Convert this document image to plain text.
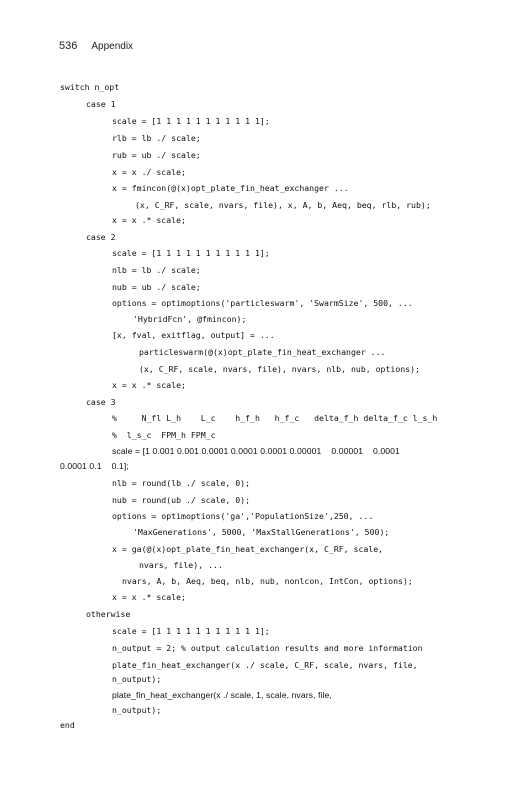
536 Appendix
switch n_opt
case 1
scale = [1 1 1 1 1 1 1 1 1 1 1];
rlb = lb ./ scale;
rub = ub ./ scale;
x = x ./ scale;
x = fmincon(@(x)opt_plate_fin_heat_exchanger ...
(x, C_RF, scale, nvars, file), x, A, b, Aeq, beq, rlb, rub);
x = x .* scale;
case 2
scale = [1 1 1 1 1 1 1 1 1 1 1];
nlb = lb ./ scale;
nub = ub ./ scale;
options = optimoptions('particleswarm', 'SwarmSize', 500, ...
'HybridFcn', @fmincon);
[x, fval, exitflag, output] = ...
particleswarm(@(x)opt_plate_fin_heat_exchanger ...
(x, C_RF, scale, nvars, file), nvars, nlb, nub, options);
x = x .* scale;
case 3
%     N_fl L_h    L_c    h_f_h   h_f_c   delta_f_h delta_f_c l_s_h
%  l_s_c  FPM_h FPM_c
scale = [1 0.001 0.001 0.0001 0.0001 0.0001 0.00001    0.00001    0.0001
0.0001 0.1    0.1];
nlb = round(lb ./ scale, 0);
nub = round(ub ./ scale, 0);
options = optimoptions('ga','PopulationSize',250, ...
'MaxGenerations', 5000, 'MaxStallGenerations', 500);
x = ga(@(x)opt_plate_fin_heat_exchanger(x, C_RF, scale,
nvars, file), ...
nvars, A, b, Aeq, beq, nlb, nub, nonlcon, IntCon, options);
x = x .* scale;
otherwise
scale = [1 1 1 1 1 1 1 1 1 1 1];
n_output = 2; % output calculation results and more information
plate_fin_heat_exchanger(x ./ scale, C_RF, scale, nvars, file,
n_output);
plate_fin_heat_exchanger(x ./ scale, 1, scale, nvars, file,
n_output);
end
